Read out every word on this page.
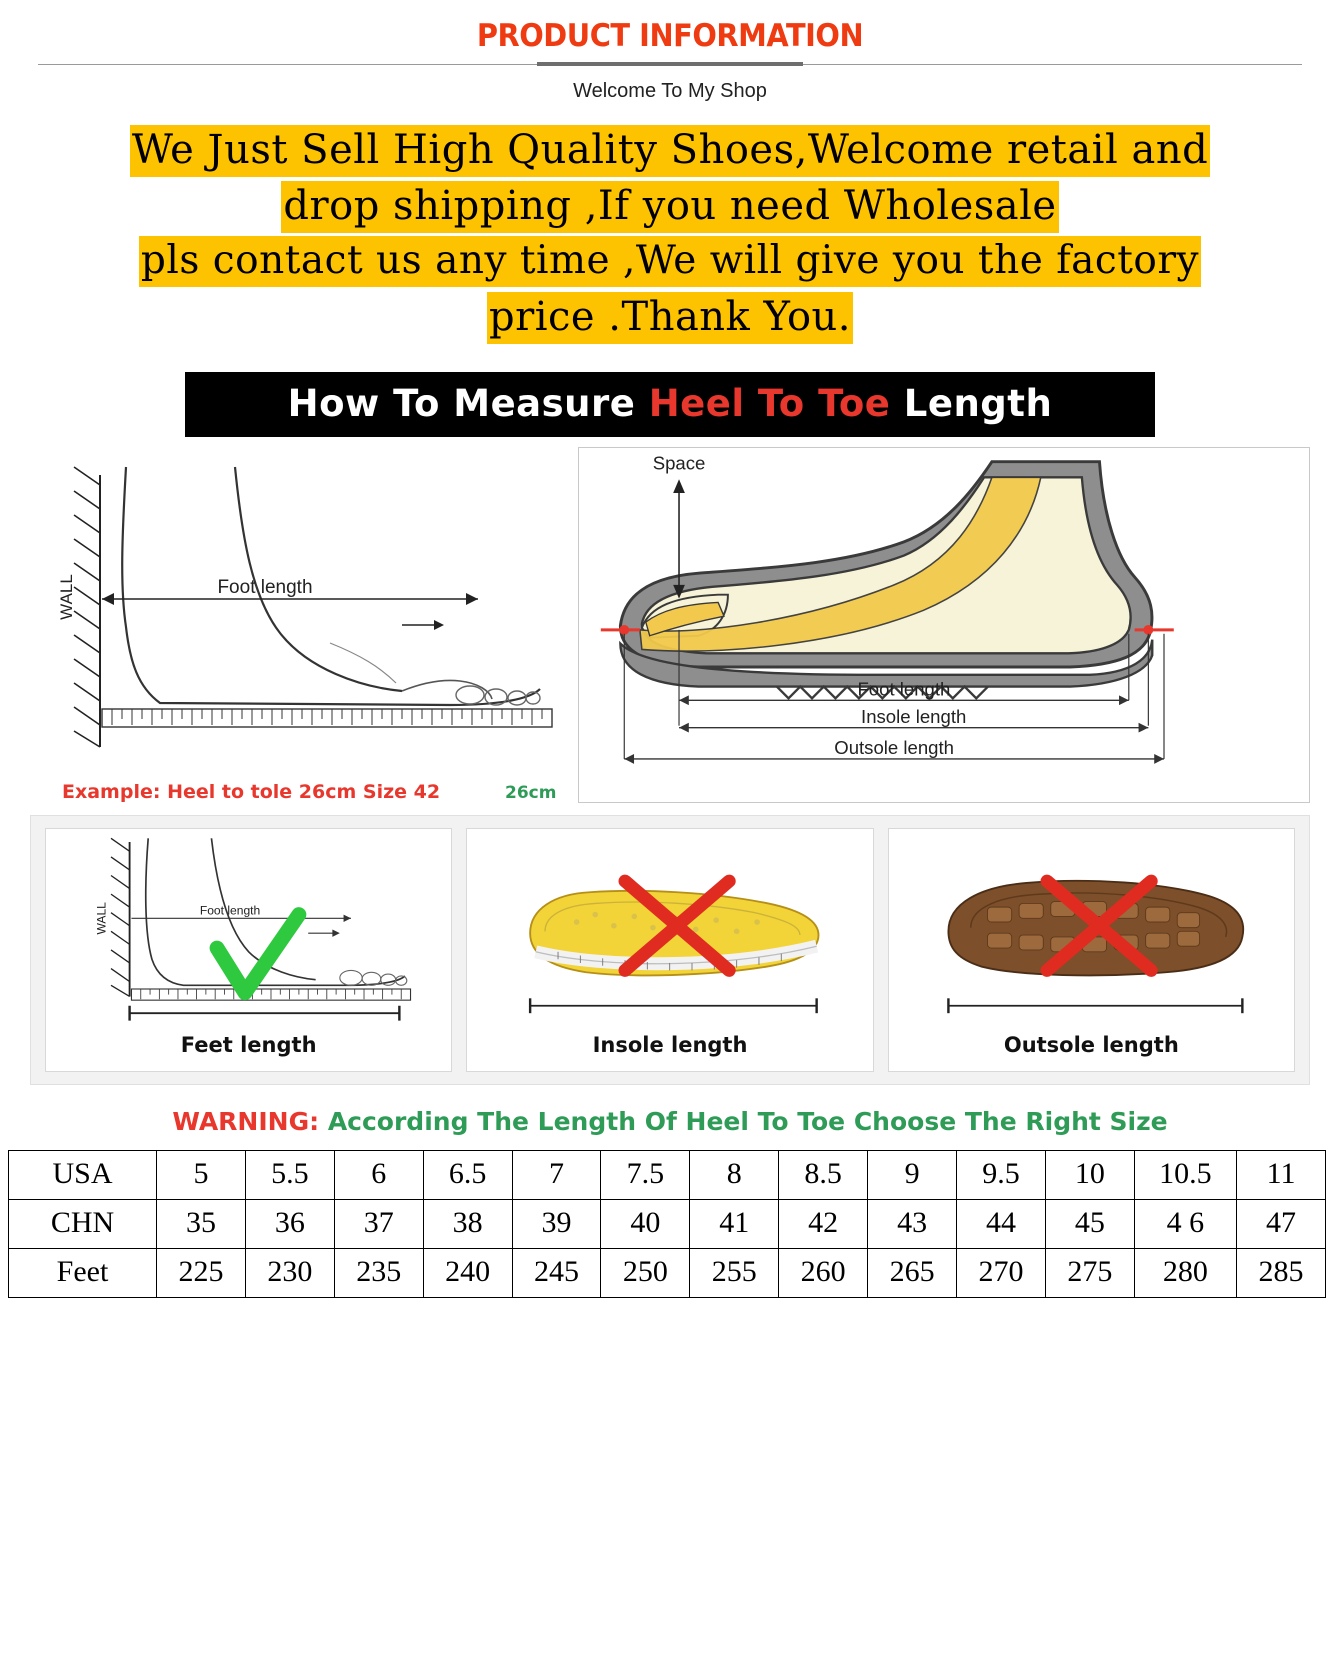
PRODUCT INFORMATION
Welcome To My Shop
We Just Sell High Quality Shoes,Welcome retail and
drop shipping ,If you need Wholesale
pls contact us any time ,We will give you the factory
price .Thank You.
How To Measure Heel To Toe Length
WALL	Foot length
Example: Heel to tole 26cm Size 42	26cm
Space
Foot length
Insole length
Outsole length
WALL	Foot length
Feet length	Insole length	Outsole length
WARNING: According The Length Of Heel To Toe Choose The Right Size
USA	5	5.5	6	6.5	7	7.5	8	8.5	9	9.5	10	10.5	11
CHN	35	36	37	38	39	40	41	42	43	44	45	4 6	47
Feet	225	230	235	240	245	250	255	260	265	270	275	280	285
